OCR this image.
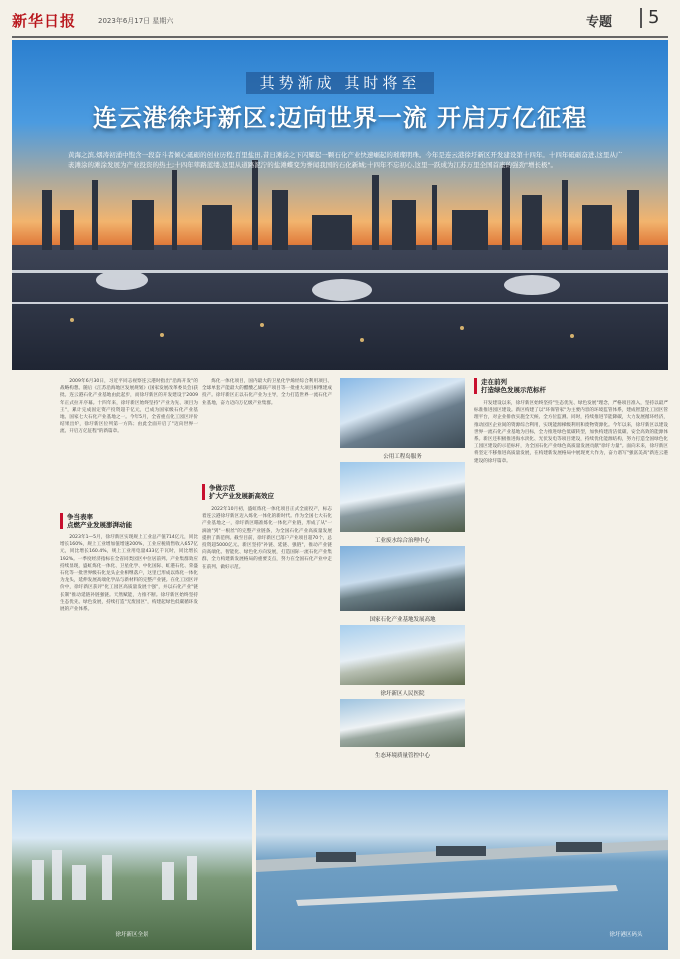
新华日报	2023年6月17日 星期六	专题	5
其势渐成 其时将至
连云港徐圩新区:迈向世界一流 开启万亿征程
黄海之滨,烟涛初涌中饱含一段奋斗者倾心砥砺的创业历程;百里盐田,昔日滩涂之下闪耀起一颗石化产业快速崛起的璀璨明珠。今年是连云港徐圩新区开发建设第十四年。十四年砥砺奋进,这里从广袤滩涂的滩涂发展为产业投资的热土;十四年筚路蓝缕,这里从道路泥泞的盐滩蝶变为誉闻我国的石化新城;十四年不忘初心,这里一跃成为江苏万里全国首座的强劲"增长极"。

2009年6月30日，习近平同志视察连云港时指出"沿海开发"的战略构想。随后《江苏沿海地区发展规划》(国家发展改革委员会)获批。连云港石化产业基地由此起步，而徐圩新区的开发建设于2009年正式拉开序幕。十四年来，徐圩新区始终坚持"产业为先、项目为王"，累计完成固定资产投资超千亿元，已成为国家级石化产业基地、国家七大石化产业基地之一。今年5月，全省重点化工园区评价结果出炉，徐圩新区位列第一方阵；由此全面开启了"迈向世界一流、开启万亿征程"的新篇章。

争当表率
点燃产业发展澎湃动能

2023年1—5月，徐圩新区实现规上工业总产值714亿元，同比增长160%，规上工业增加值增速200%，工业应税销售收入657亿元，同比增长160.4%，规上工业用电量433亿千瓦时，同比增长192%。一季度经济指标在全省同类园区中位居前列。产业集群效应持续显现，盛虹炼化一体化、卫星化学、中化国际、虹港石化、荣盛石化等一批世界级石化龙头企业相继落户，这里已形成以炼化一体化为龙头，延伸发展高端化学品与新材料的完整产业链。在化工园区评价中，徐圩新区获评"化工园区高质量发展十强"，并以石化产业"链长制"推动延链补链强链。天然赋能，力推不断。徐圩新区始终坚持生态优先、绿色发展，持续打造"无废园区"，构建起绿色低碳循环发展的产业体系。

炼化一体化项目，国内最大的卫星化学烯烃综合利用项目、全球单套产能最大的醋酸乙烯联产项目等一批重大项目相继建成投产。徐圩新区正以石化产业为主导，全力打造世界一流石化产业基地，奋力迈向万亿级产业集群。

争做示范
扩大产业发展新高效应

2022年10月初，盛虹炼化一体化项目正式全面投产，标志着连云港徐圩新区迈入炼化一体化的新时代。作为全国七大石化产业基地之一，徐圩新区瞄准炼化一体化产业链，形成了从"一滴油"到"一根丝"的完整产业链条，为全国石化产业高质量发展提供了新范例。截至目前，徐圩新区已落户产业项目超70个，总投资超5000亿元。新区坚持"补链、延链、强链"，推动产业链向高端化、智能化、绿色化方向发展，打造国际一流石化产业集群，全力构建新发展格局的重要支点，努力在全国石化产业中走在前列、做好示范。

公用工程岛服务
工业废水综合治理中心
国家石化产业基地发展高地
徐圩新区人民医院
生态环境质量管控中心
走在前列
打造绿色发展示范标杆

开发建设以来，徐圩新区始终坚持"生态优先、绿色发展"理念，严格项目准入，坚持以最严标准推进园区建设。新区构建了以"环保管家"为主要内容的环境监管体系，建成智慧化工园区管理平台，对企业排放实施全天候、全方位监测。同时，持续推进节能降碳，大力发展循环经济，推动园区企业间的资源综合利用，实现能源梯级利用和废物资源化。今年以来，徐圩新区以建设世界一流石化产业基地为目标，全力推进绿色低碳转型，加快构建清洁低碳、安全高效的能源体系。新区还积极推进海水淡化、光伏发电等项目建设，持续优化能源结构，努力打造全国绿色化工园区建设的示范标杆，为全国石化产业绿色高质量发展贡献"徐圩力量"。面向未来，徐圩新区将坚定不移推进高质量发展，在构建新发展格局中展现更大作为，奋力谱写"强富美高"新连云港建设的徐圩篇章。

徐圩新区全景	徐圩港区码头
